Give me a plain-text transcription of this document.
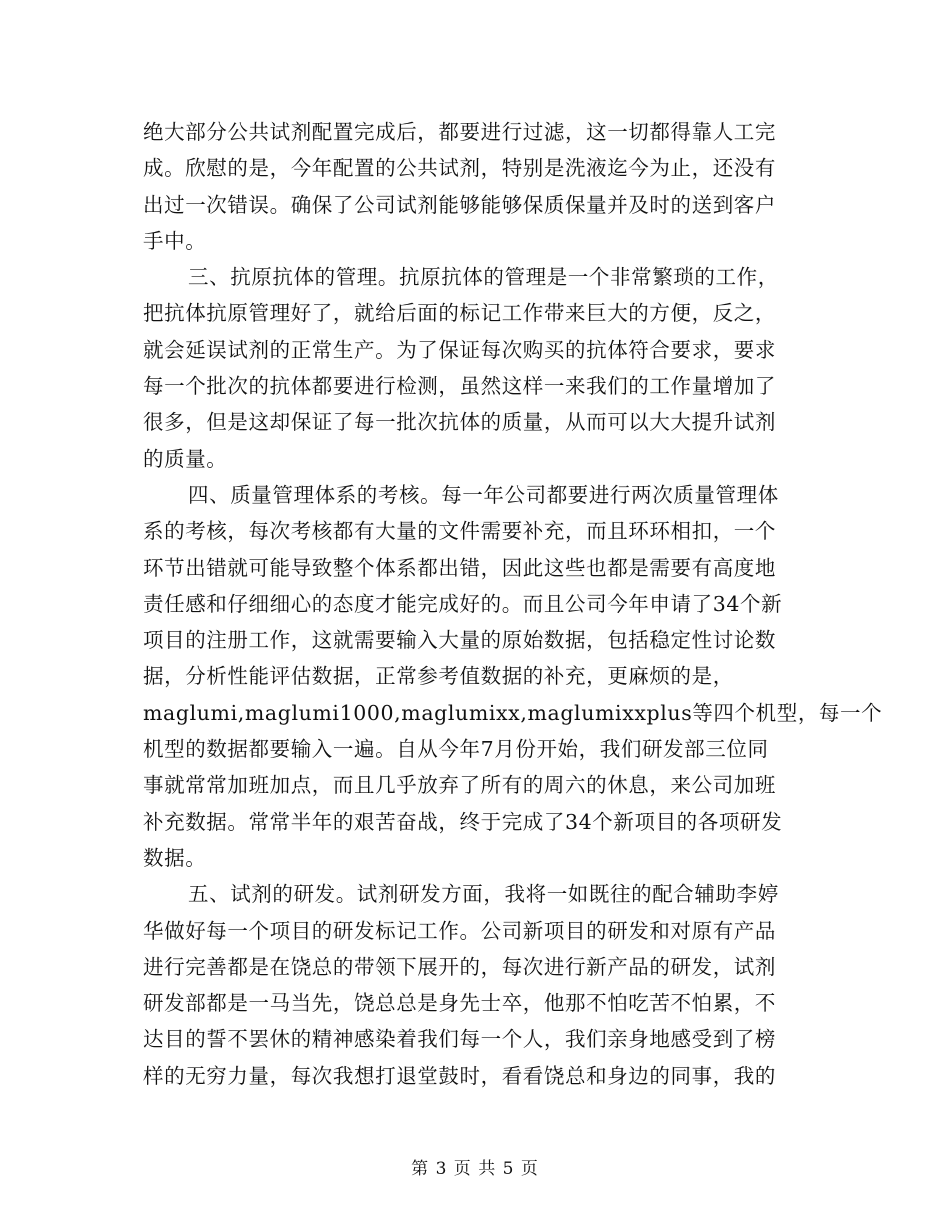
绝大部分公共试剂配置完成后，都要进行过滤，这一切都得靠人工完
成。欣慰的是，今年配置的公共试剂，特别是洗液迄今为止，还没有
出过一次错误。确保了公司试剂能够能够保质保量并及时的送到客户
手中。

三、抗原抗体的管理。抗原抗体的管理是一个非常繁琐的工作，
把抗体抗原管理好了，就给后面的标记工作带来巨大的方便，反之，
就会延误试剂的正常生产。为了保证每次购买的抗体符合要求，要求
每一个批次的抗体都要进行检测，虽然这样一来我们的工作量增加了
很多，但是这却保证了每一批次抗体的质量，从而可以大大提升试剂
的质量。

四、质量管理体系的考核。每一年公司都要进行两次质量管理体
系的考核，每次考核都有大量的文件需要补充，而且环环相扣，一个
环节出错就可能导致整个体系都出错，因此这些也都是需要有高度地
责任感和仔细细心的态度才能完成好的。而且公司今年申请了34个新
项目的注册工作，这就需要输入大量的原始数据，包括稳定性讨论数
据，分析性能评估数据，正常参考值数据的补充，更麻烦的是，
maglumi,maglumi1000,maglumixx,maglumixxplus等四个机型，每一个
机型的数据都要输入一遍。自从今年7月份开始，我们研发部三位同
事就常常加班加点，而且几乎放弃了所有的周六的休息，来公司加班
补充数据。常常半年的艰苦奋战，终于完成了34个新项目的各项研发
数据。

五、试剂的研发。试剂研发方面，我将一如既往的配合辅助李婷
华做好每一个项目的研发标记工作。公司新项目的研发和对原有产品
进行完善都是在饶总的带领下展开的，每次进行新产品的研发，试剂
研发部都是一马当先，饶总总是身先士卒，他那不怕吃苦不怕累，不
达目的誓不罢休的精神感染着我们每一个人，我们亲身地感受到了榜
样的无穷力量，每次我想打退堂鼓时，看看饶总和身边的同事，我的

第 3 页 共 5 页
